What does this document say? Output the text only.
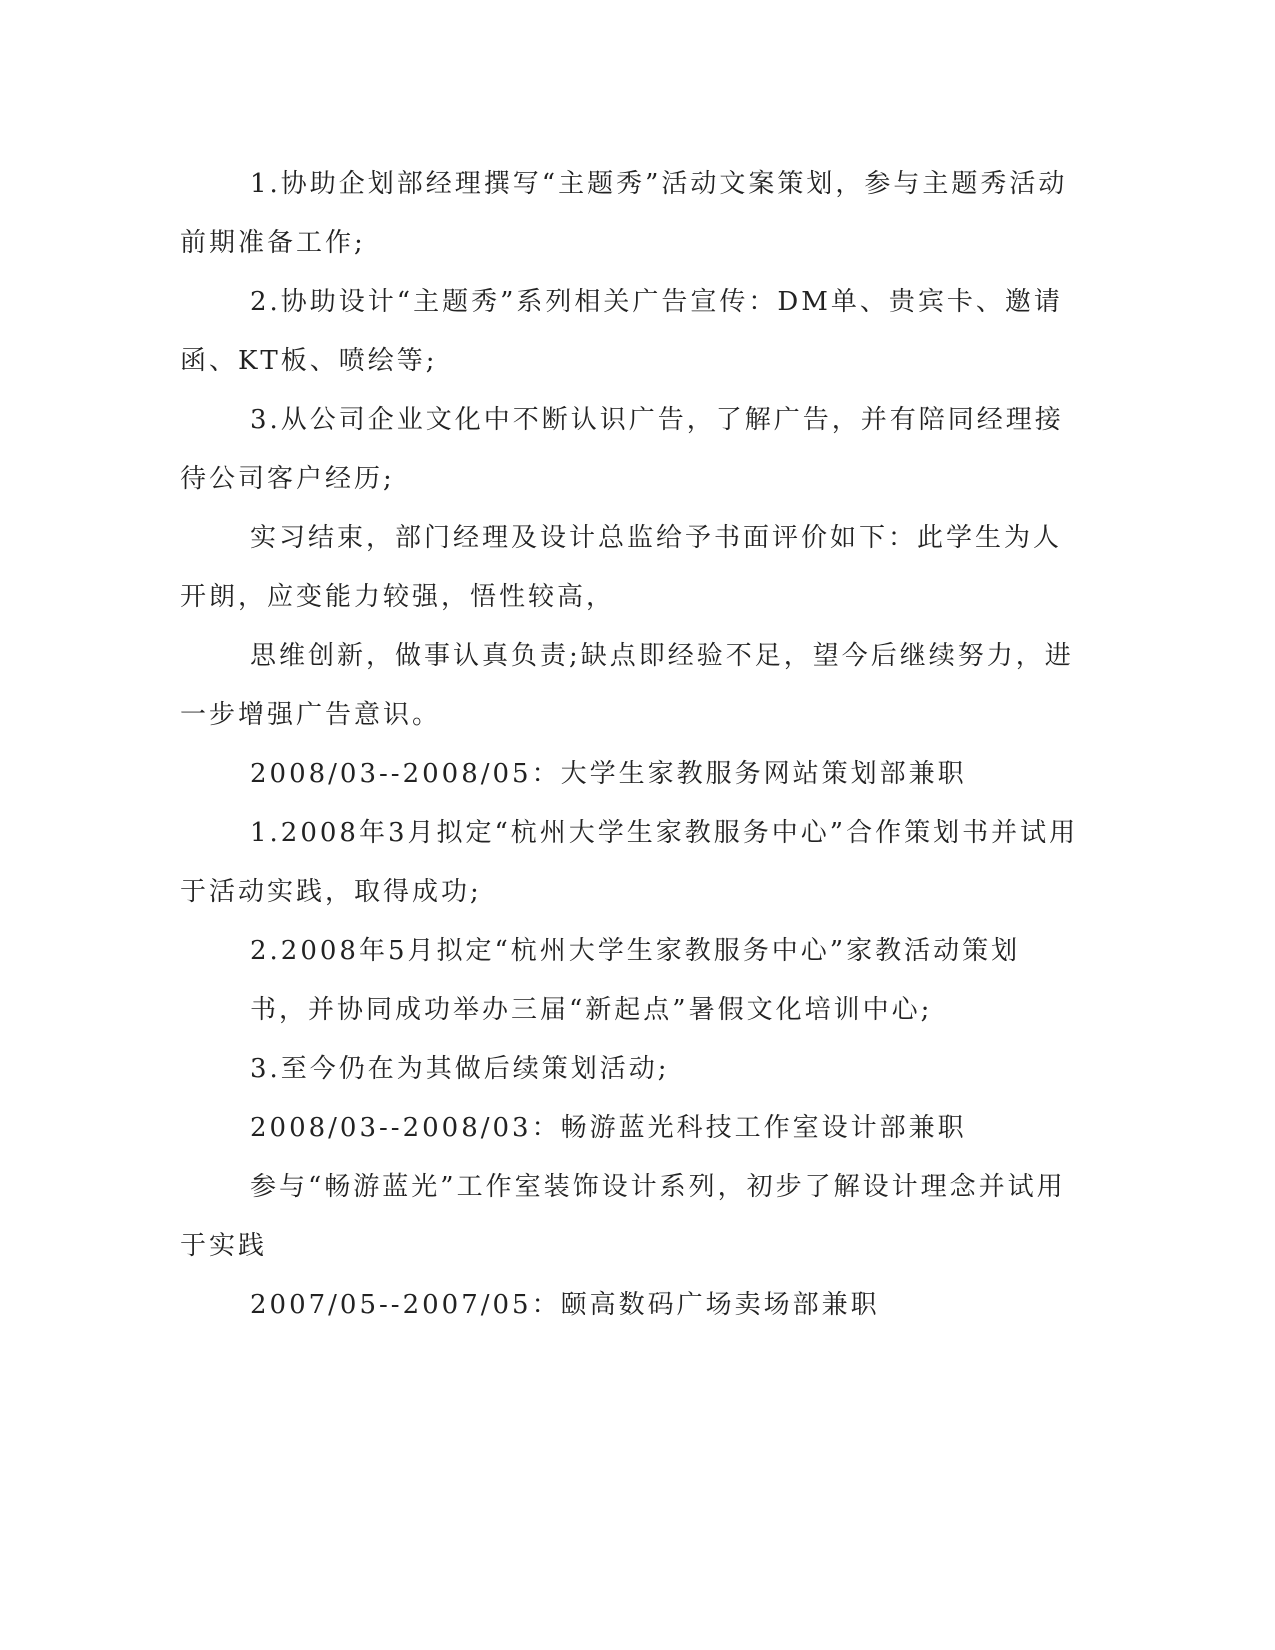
1.协助企划部经理撰写“主题秀”活动文案策划，参与主题秀活动
前期准备工作;
2.协助设计“主题秀”系列相关广告宣传：DM单、贵宾卡、邀请
函、KT板、喷绘等;
3.从公司企业文化中不断认识广告，了解广告，并有陪同经理接
待公司客户经历;
实习结束，部门经理及设计总监给予书面评价如下：此学生为人
开朗，应变能力较强，悟性较高，
思维创新，做事认真负责;缺点即经验不足，望今后继续努力，进
一步增强广告意识。
2008/03--2008/05：大学生家教服务网站策划部兼职
1.2008年3月拟定“杭州大学生家教服务中心”合作策划书并试用
于活动实践，取得成功;
2.2008年5月拟定“杭州大学生家教服务中心”家教活动策划
书，并协同成功举办三届“新起点”暑假文化培训中心;
3.至今仍在为其做后续策划活动;
2008/03--2008/03：畅游蓝光科技工作室设计部兼职
参与“畅游蓝光”工作室装饰设计系列，初步了解设计理念并试用
于实践
2007/05--2007/05：颐高数码广场卖场部兼职
